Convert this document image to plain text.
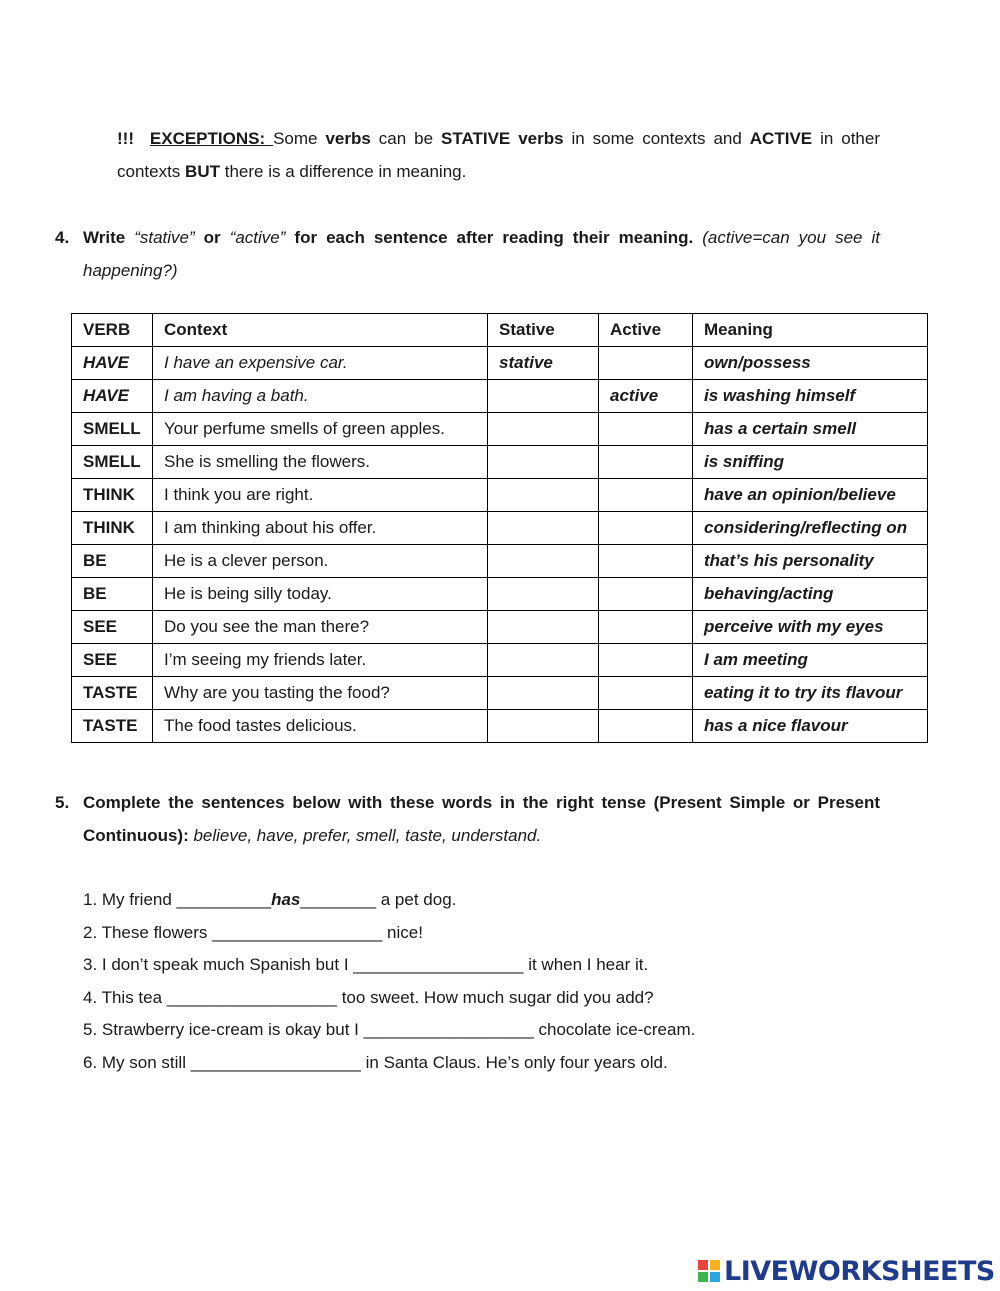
!!! EXCEPTIONS: Some verbs can be STATIVE verbs in some contexts and ACTIVE in other contexts BUT there is a difference in meaning.
4. Write “stative” or “active” for each sentence after reading their meaning. (active=can you see it happening?)
VERB	Context	Stative	Active	Meaning
HAVE	I have an expensive car.	stative		own/possess
HAVE	I am having a bath.		active	is washing himself
SMELL	Your perfume smells of green apples.			has a certain smell
SMELL	She is smelling the flowers.			is sniffing
THINK	I think you are right.			have an opinion/believe
THINK	I am thinking about his offer.			considering/reflecting on
BE	He is a clever person.			that’s his personality
BE	He is being silly today.			behaving/acting
SEE	Do you see the man there?			perceive with my eyes
SEE	I’m seeing my friends later.			I am meeting
TASTE	Why are you tasting the food?			eating it to try its flavour
TASTE	The food tastes delicious.			has a nice flavour
5. Complete the sentences below with these words in the right tense (Present Simple or Present Continuous): believe, have, prefer, smell, taste, understand.
1. My friend __________has________ a pet dog.
2. These flowers __________________ nice!
3. I don’t speak much Spanish but I __________________ it when I hear it.
4. This tea __________________ too sweet. How much sugar did you add?
5. Strawberry ice-cream is okay but I __________________ chocolate ice-cream.
6. My son still __________________ in Santa Claus. He’s only four years old.
LIVEWORKSHEETS
